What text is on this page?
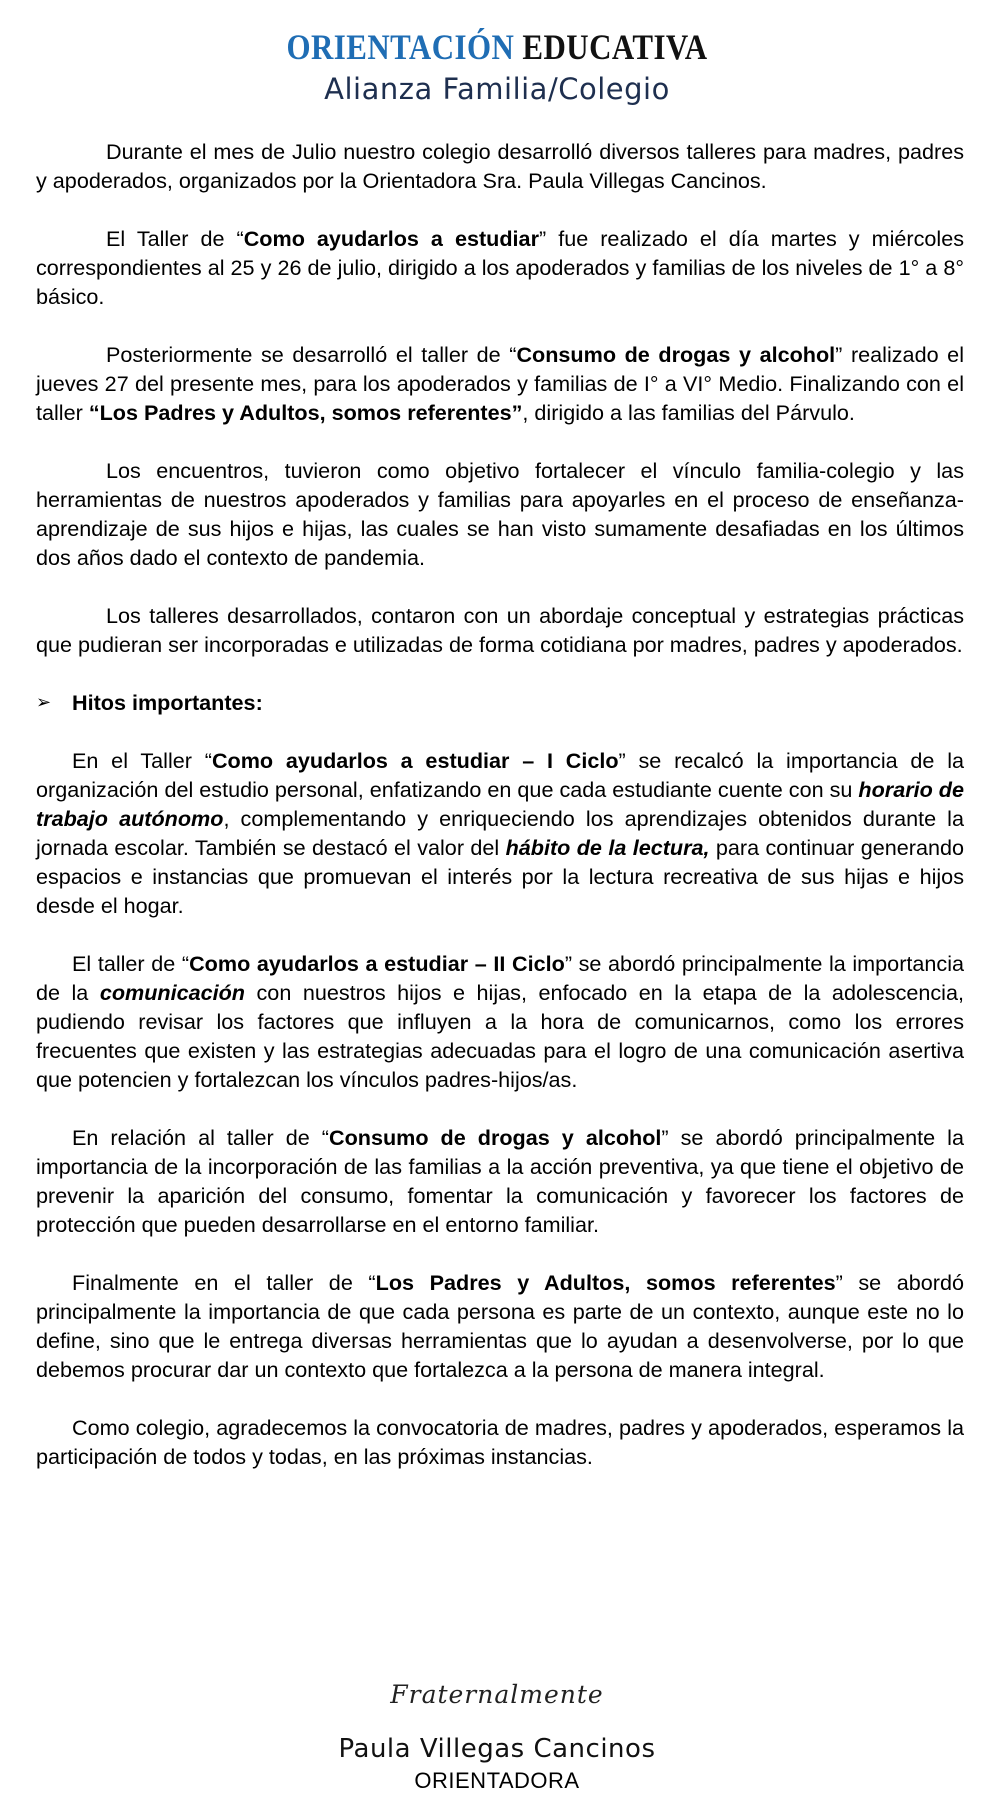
ORIENTACIÓN EDUCATIVA
Alianza Familia/Colegio

Durante el mes de Julio nuestro colegio desarrolló diversos talleres para madres, padres y apoderados, organizados por la Orientadora Sra. Paula Villegas Cancinos.

El Taller de “Como ayudarlos a estudiar” fue realizado el día martes y miércoles correspondientes al 25 y 26 de julio, dirigido a los apoderados y familias de los niveles de 1° a 8° básico.

Posteriormente se desarrolló el taller de “Consumo de drogas y alcohol” realizado el jueves 27 del presente mes, para los apoderados y familias de I° a VI° Medio. Finalizando con el taller “Los Padres y Adultos, somos referentes”, dirigido a las familias del Párvulo.

Los encuentros, tuvieron como objetivo fortalecer el vínculo familia-colegio y las herramientas de nuestros apoderados y familias para apoyarles en el proceso de enseñanza- aprendizaje de sus hijos e hijas, las cuales se han visto sumamente desafiadas en los últimos dos años dado el contexto de pandemia.

Los talleres desarrollados, contaron con un abordaje conceptual y estrategias prácticas que pudieran ser incorporadas e utilizadas de forma cotidiana por madres, padres y apoderados.

➢ Hitos importantes:

En el Taller “Como ayudarlos a estudiar – I Ciclo” se recalcó la importancia de la organización del estudio personal, enfatizando en que cada estudiante cuente con su horario de trabajo autónomo, complementando y enriqueciendo los aprendizajes obtenidos durante la jornada escolar. También se destacó el valor del hábito de la lectura, para continuar generando espacios e instancias que promuevan el interés por la lectura recreativa de sus hijas e hijos desde el hogar.

El taller de “Como ayudarlos a estudiar – II Ciclo” se abordó principalmente la importancia de la comunicación con nuestros hijos e hijas, enfocado en la etapa de la adolescencia, pudiendo revisar los factores que influyen a la hora de comunicarnos, como los errores frecuentes que existen y las estrategias adecuadas para el logro de una comunicación asertiva que potencien y fortalezcan los vínculos padres-hijos/as.

En relación al taller de “Consumo de drogas y alcohol” se abordó principalmente la importancia de la incorporación de las familias a la acción preventiva, ya que tiene el objetivo de prevenir la aparición del consumo, fomentar la comunicación y favorecer los factores de protección que pueden desarrollarse en el entorno familiar.

Finalmente en el taller de “Los Padres y Adultos, somos referentes” se abordó principalmente la importancia de que cada persona es parte de un contexto, aunque este no lo define, sino que le entrega diversas herramientas que lo ayudan a desenvolverse, por lo que debemos procurar dar un contexto que fortalezca a la persona de manera integral.

Como colegio, agradecemos la convocatoria de madres, padres y apoderados, esperamos la participación de todos y todas, en las próximas instancias.

Fraternalmente
Paula Villegas Cancinos
ORIENTADORA
